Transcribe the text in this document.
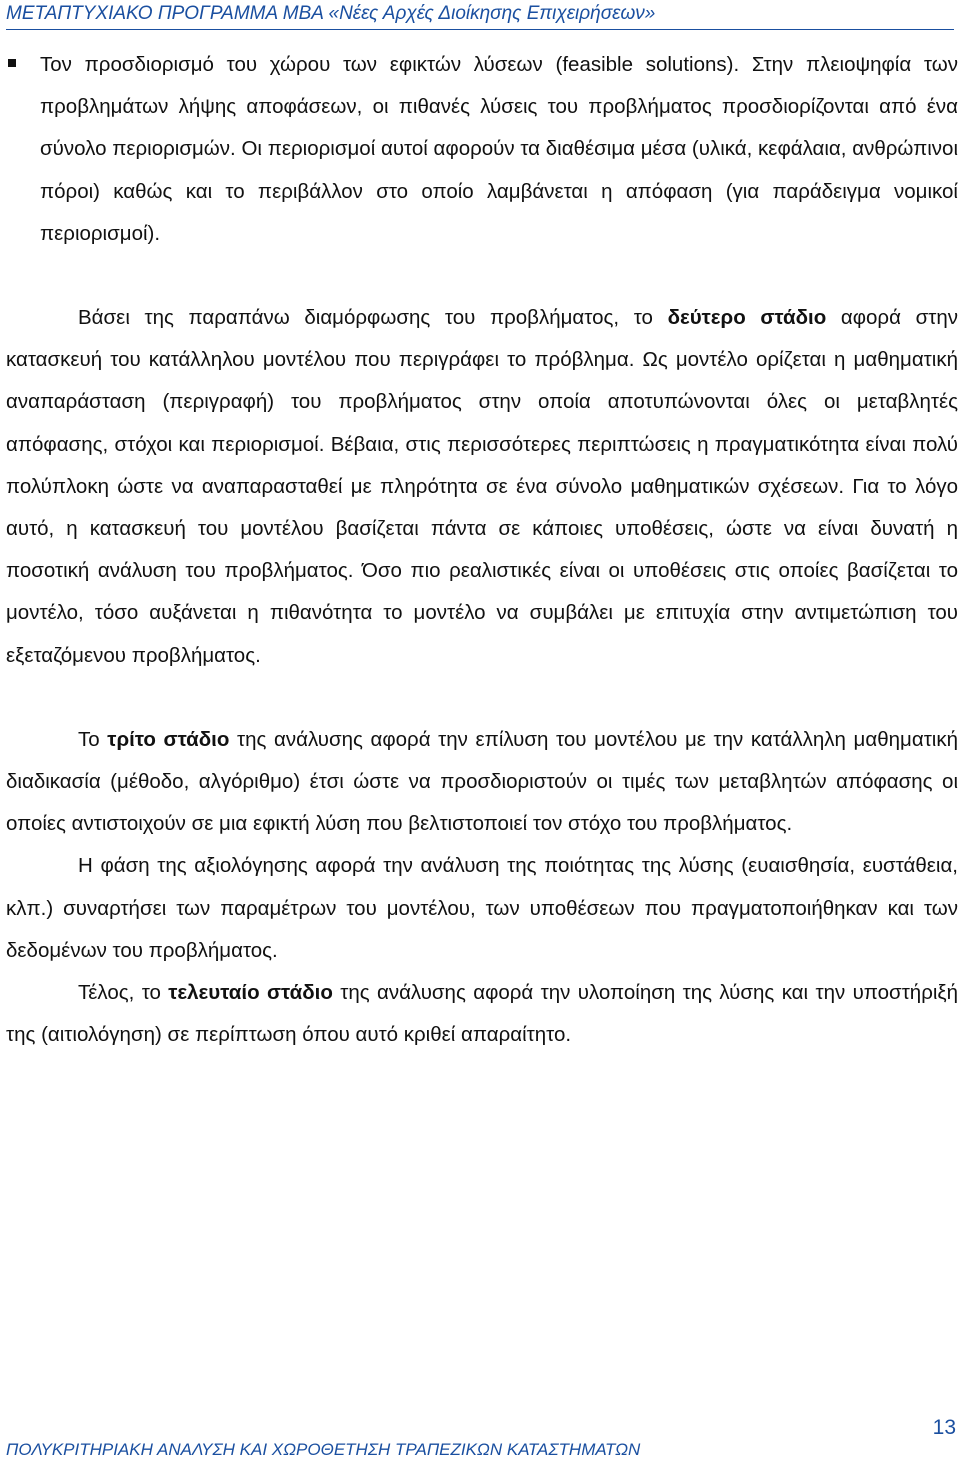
ΜΕΤΑΠΤΥΧΙΑΚΟ ΠΡΟΓΡΑΜΜΑ ΜΒΑ «Νέες Αρχές Διοίκησης Επιχειρήσεων»

Τον προσδιορισμό του χώρου των εφικτών λύσεων (feasible solutions). Στην πλειοψηφία των προβλημάτων λήψης αποφάσεων, οι πιθανές λύσεις του προβλήματος προσδιορίζονται από ένα σύνολο περιορισμών. Οι περιορισμοί αυτοί αφορούν τα διαθέσιμα μέσα (υλικά, κεφάλαια, ανθρώπινοι πόροι) καθώς και το περιβάλλον στο οποίο λαμβάνεται η απόφαση (για παράδειγμα νομικοί περιορισμοί).

Βάσει της παραπάνω διαμόρφωσης του προβλήματος, το δεύτερο στάδιο αφορά στην κατασκευή του κατάλληλου μοντέλου που περιγράφει το πρόβλημα. Ως μοντέλο ορίζεται η μαθηματική αναπαράσταση (περιγραφή) του προβλήματος στην οποία αποτυπώνονται όλες οι μεταβλητές απόφασης, στόχοι και περιορισμοί. Βέβαια, στις περισσότερες περιπτώσεις η πραγματικότητα είναι πολύ πολύπλοκη ώστε να αναπαρασταθεί με πληρότητα σε ένα σύνολο μαθηματικών σχέσεων. Για το λόγο αυτό, η κατασκευή του μοντέλου βασίζεται πάντα σε κάποιες υποθέσεις, ώστε να είναι δυνατή η ποσοτική ανάλυση του προβλήματος. Όσο πιο ρεαλιστικές είναι οι υποθέσεις στις οποίες βασίζεται το μοντέλο, τόσο αυξάνεται η πιθανότητα το μοντέλο να συμβάλει με επιτυχία στην αντιμετώπιση του εξεταζόμενου προβλήματος.

Το τρίτο στάδιο της ανάλυσης αφορά την επίλυση του μοντέλου με την κατάλληλη μαθηματική διαδικασία (μέθοδο, αλγόριθμο) έτσι ώστε να προσδιοριστούν οι τιμές των μεταβλητών απόφασης οι οποίες αντιστοιχούν σε μια εφικτή λύση που βελτιστοποιεί τον στόχο του προβλήματος.

Η φάση της αξιολόγησης αφορά την ανάλυση της ποιότητας της λύσης (ευαισθησία, ευστάθεια, κλπ.) συναρτήσει των παραμέτρων του μοντέλου, των υποθέσεων που πραγματοποιήθηκαν και των δεδομένων του προβλήματος.

Τέλος, το τελευταίο στάδιο της ανάλυσης αφορά την υλοποίηση της λύσης και την υποστήριξή της (αιτιολόγηση) σε περίπτωση όπου αυτό κριθεί απαραίτητο.

13
ΠΟΛΥΚΡΙΤΗΡΙΑΚΗ ΑΝΑΛΥΣΗ ΚΑΙ ΧΩΡΟΘΕΤΗΣΗ ΤΡΑΠΕΖΙΚΩΝ ΚΑΤΑΣΤΗΜΑΤΩΝ
